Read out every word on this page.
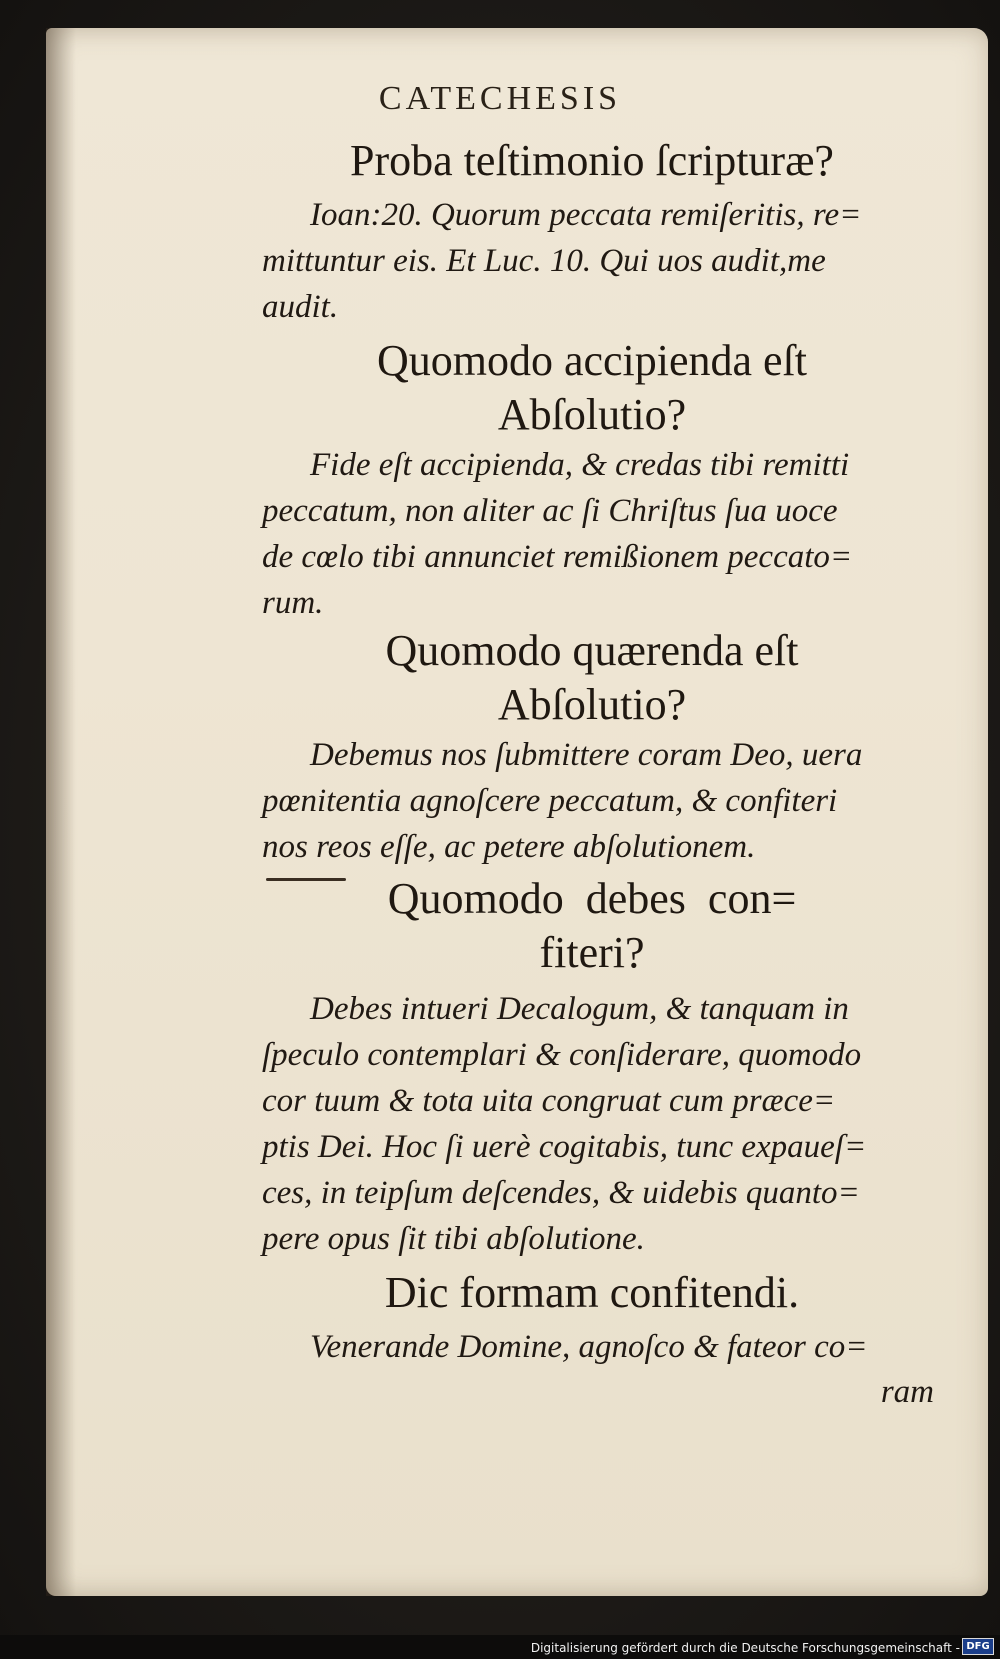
CATECHESIS
Proba teſtimonio ſcripturæ?
Ioan:20. Quorum peccata remiſeritis, re=
mittuntur eis. Et Luc. 10. Qui uos audit,me
audit.
Quomodo accipienda eſt
Abſolutio?
Fide eſt accipienda, & credas tibi remitti
peccatum, non aliter ac ſi Chriſtus ſua uoce
de cœlo tibi annunciet remißionem peccato=
rum.
Quomodo quærenda eſt
Abſolutio?
Debemus nos ſubmittere coram Deo, uera
pœnitentia agnoſcere peccatum, & confiteri
nos reos eſſe, ac petere abſolutionem.
Quomodo  debes  con=
fiteri?
Debes intueri Decalogum, & tanquam in
ſpeculo contemplari & conſiderare, quomodo
cor tuum & tota uita congruat cum præce=
ptis Dei. Hoc ſi uerè cogitabis, tunc expaueſ=
ces, in teipſum deſcendes, & uidebis quanto=
pere opus ſit tibi abſolutione.
Dic formam confitendi.
Venerande Domine, agnoſco & fateor co=
ram
Digitalisierung gefördert durch die Deutsche Forschungsgemeinschaft - DFG
